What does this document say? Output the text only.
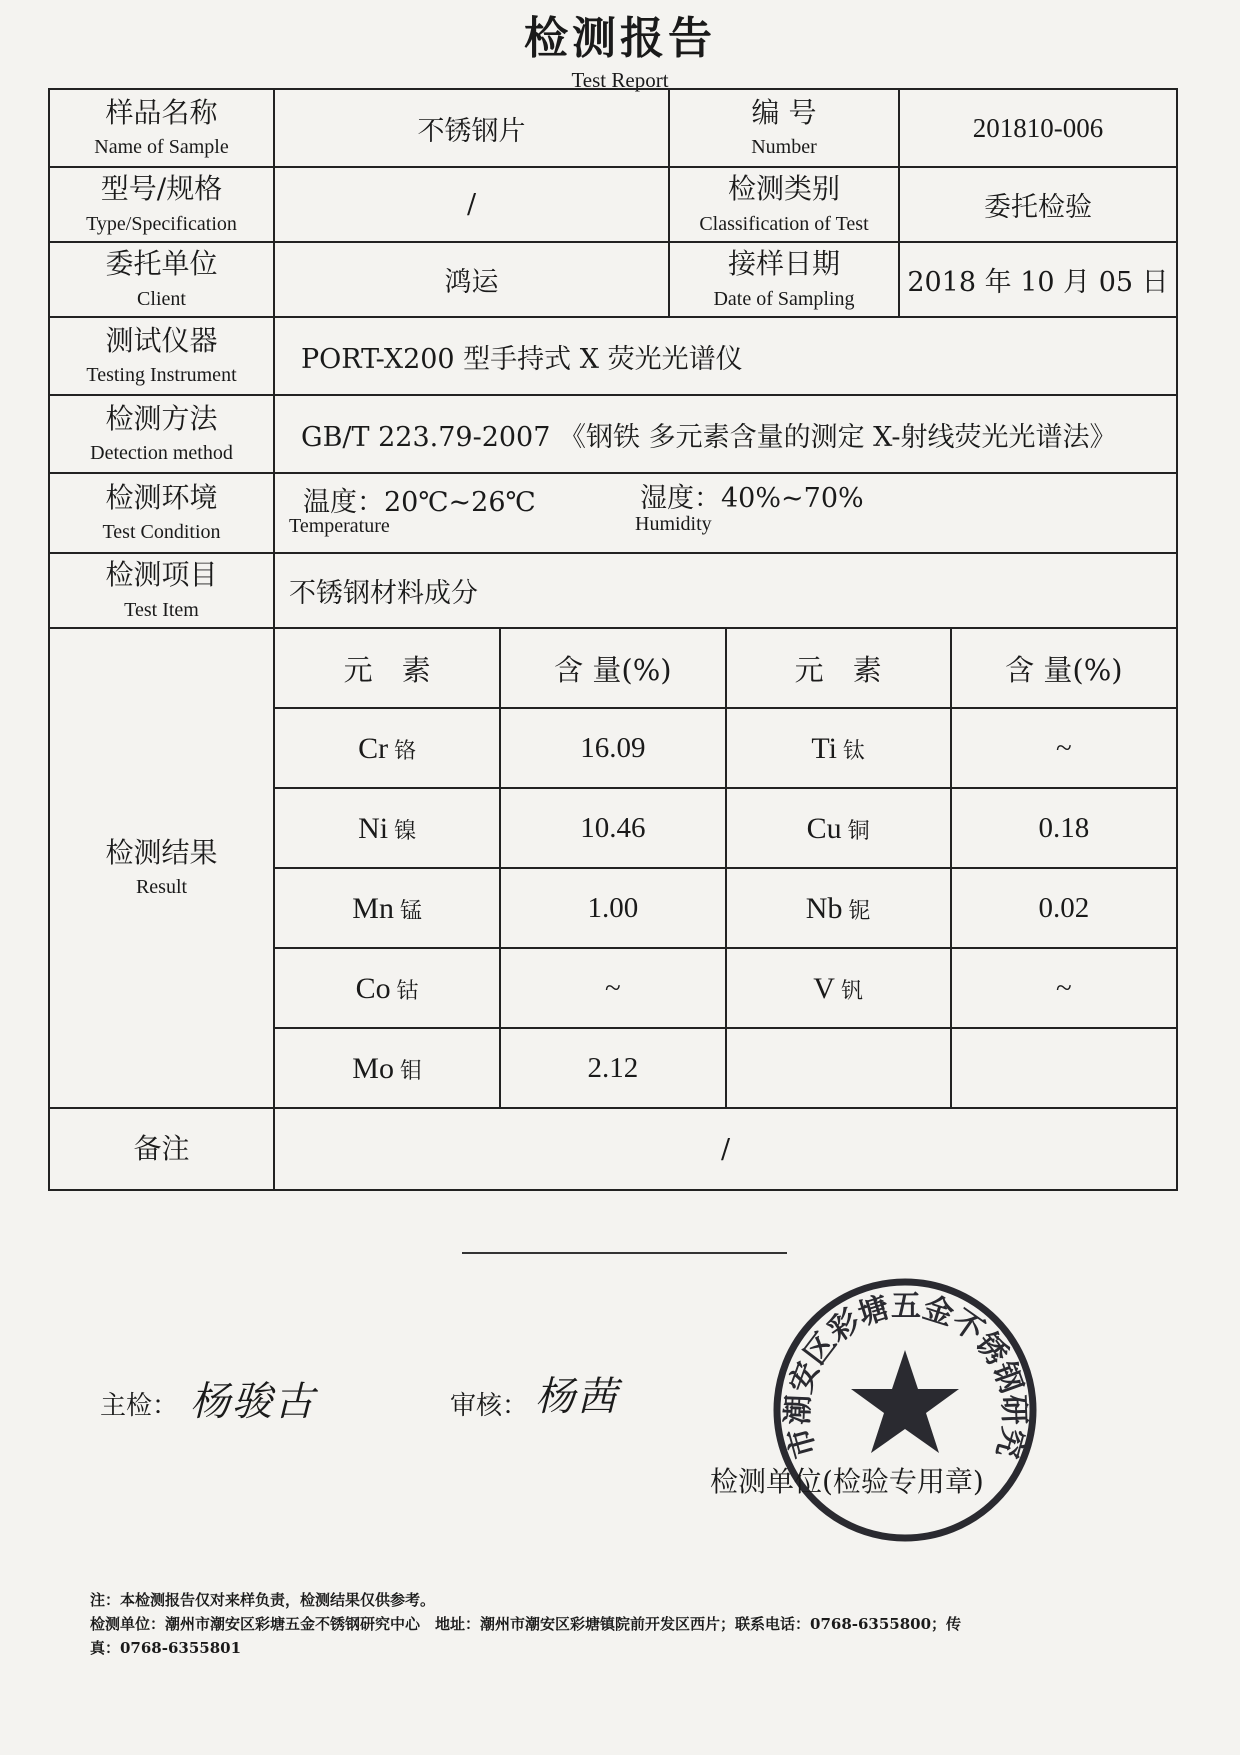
检测报告
Test Report
样品名称
Name of Sample
	不锈钢片	
编 号
Number
	201810-006

型号/规格
Type/Specification
	/	检测类别
Classification of Test
	委托检验

委托单位
Client
	鸿运	
接样日期
Date of Sampling
	2018 年 10 月 05 日

测试仪器
Testing Instrument
	PORT-X200 型手持式 X 荧光光谱仪

检测方法
Detection method
	GB/T 223.79-2007 《钢铁 多元素含量的测定 X-射线荧光光谱法》

检测环境
Test Condition

温度：20℃~26℃
Temperature
湿度：40%~70%
Humidity

检测项目
Test Item
	不锈钢材料成分

检测结果
Result

元　素	含 量(%)	元　素	含 量(%)
Cr 铬	16.09	Ti 钛	~
Ni 镍	10.46	Cu 铜	0.18
Mn 锰	1.00	Nb 铌	0.02
Co 钴	~	V 钒	~
Mo 钼	2.12		

备注	/
主检： 杨骏古	审核： 杨茜
市潮安区彩塘五金不锈钢研究
检测单位(检验专用章)
注：本检测报告仅对来样负责，检测结果仅供参考。
检测单位：潮州市潮安区彩塘五金不锈钢研究中心　地址：潮州市潮安区彩塘镇院前开发区西片；联系电话：0768-6355800；传
真：0768-6355801
